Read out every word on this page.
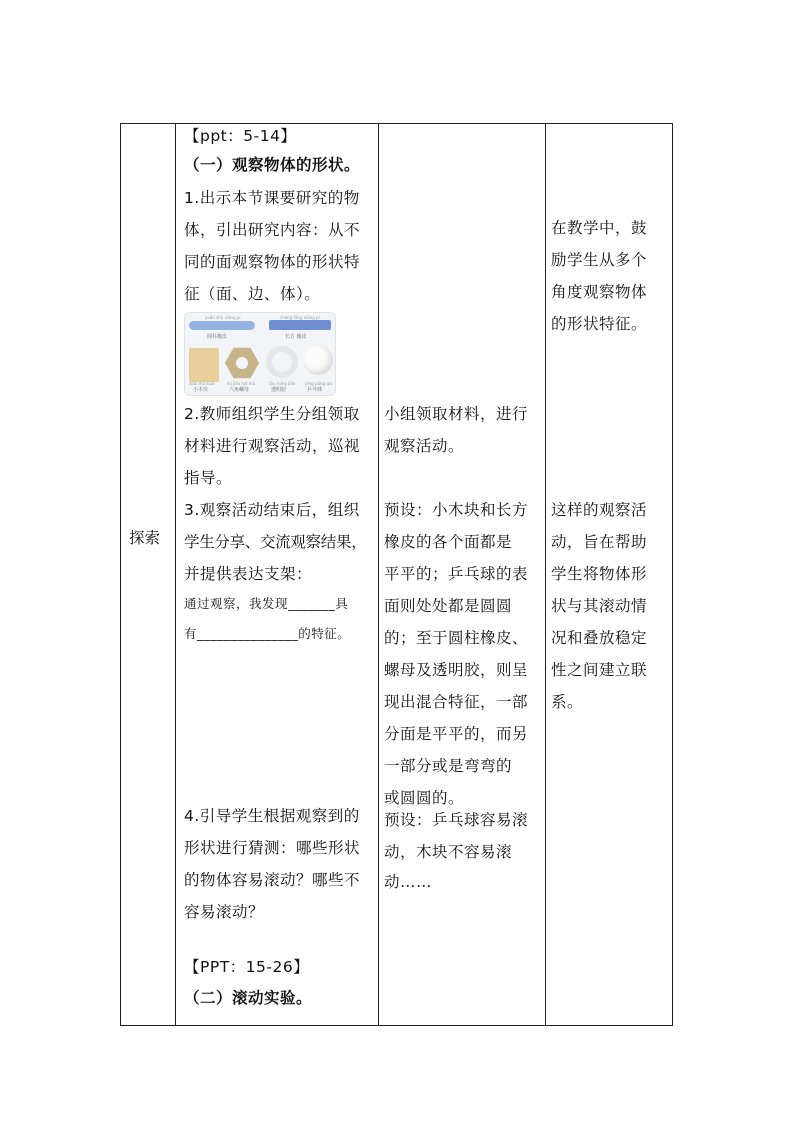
探索
【ppt：5-14】
（一）观察物体的形状。
1.出示本节课要研究的物
体，引出研究内容：从不
同的面观察物体的形状特
征（面、边、体）。
yuán zhù xiàng pí
圆柱橡皮
cháng fāng xiàng pí
长方 橡皮
xiǎo mù kuài
小木块
liù jiǎo luó mǔ
六角螺母
tòu míng jiāo
透明胶
pīng pāng qiú
乒乓球
2.教师组织学生分组领取
材料进行观察活动，巡视
指导。
3.观察活动结束后，组织
学生分享、交流观察结果，
并提供表达支架：
通过观察，我发现_______具
有_______________的特征。
4.引导学生根据观察到的
形状进行猜测：哪些形状
的物体容易滚动？哪些不
容易滚动？
【PPT：15-26】
（二）滚动实验。
小组领取材料，进行
观察活动。
预设：小木块和长方
橡皮的各个面都是
平平的；乒乓球的表
面则处处都是圆圆
的；至于圆柱橡皮、
螺母及透明胶，则呈
现出混合特征，一部
分面是平平的，而另
一部分或是弯弯的
或圆圆的。
预设：乒乓球容易滚
动，木块不容易滚
动……
在教学中，鼓
励学生从多个
角度观察物体
的形状特征。
这样的观察活
动，旨在帮助
学生将物体形
状与其滚动情
况和叠放稳定
性之间建立联
系。
